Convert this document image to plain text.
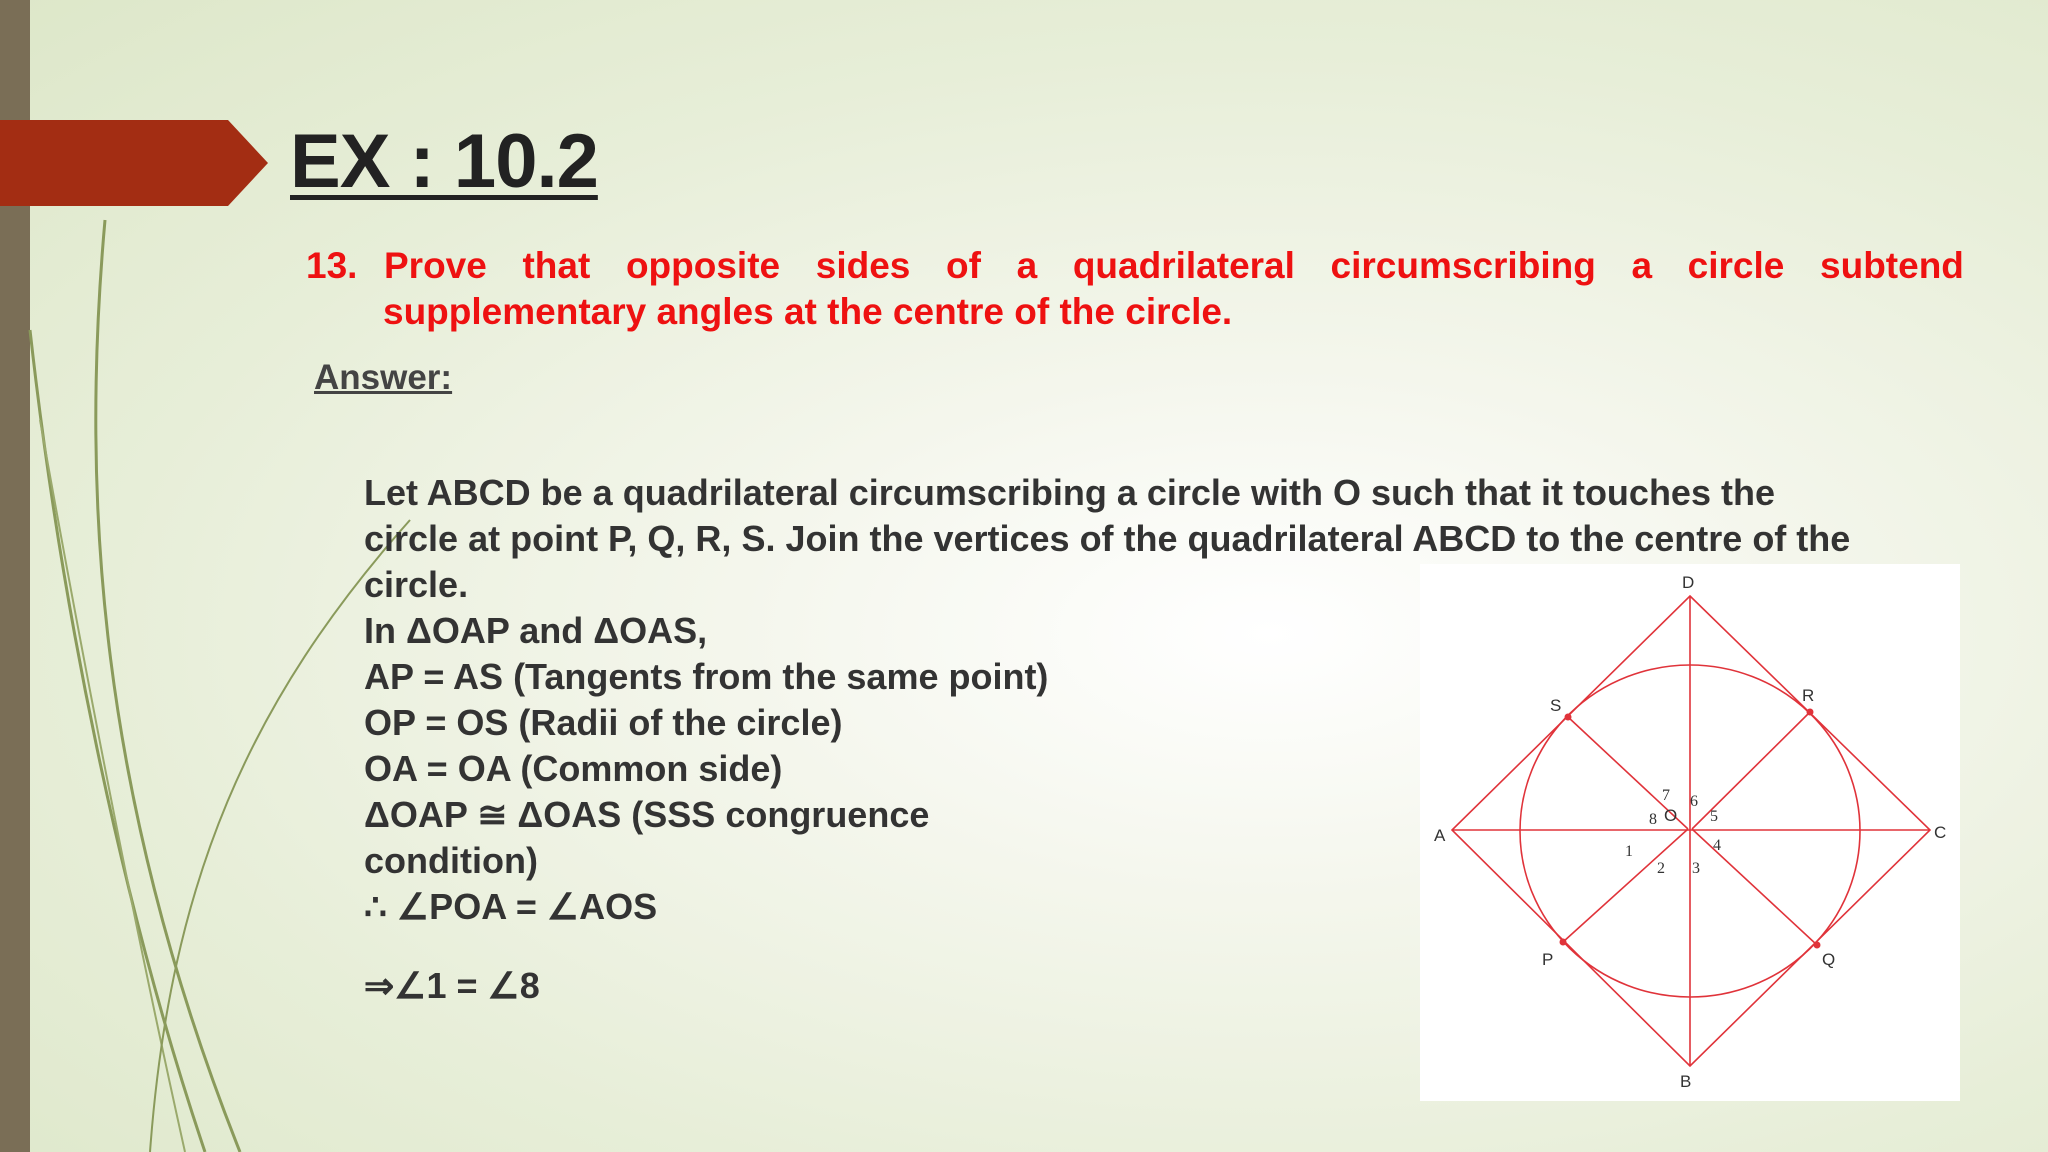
EX : 10.2
13. Prove that opposite sides of a quadrilateral circumscribing a circle subtend
supplementary angles at the centre of the circle.
Answer:
Let ABCD be a quadrilateral circumscribing a circle with O such that it touches the
circle at point P, Q, R, S. Join the vertices of the quadrilateral ABCD to the centre of the
circle.
In ΔOAP and ΔOAS,
AP = AS (Tangents from the same point)
OP = OS (Radii of the circle)
OA = OA (Common side)
ΔOAP ≅ ΔOAS (SSS congruence
condition)
∴ ∠POA = ∠AOS
⇒∠1 = ∠8
D
A	C
B
S
R
P	Q
O
1
2 3
4
5
6
7
8
